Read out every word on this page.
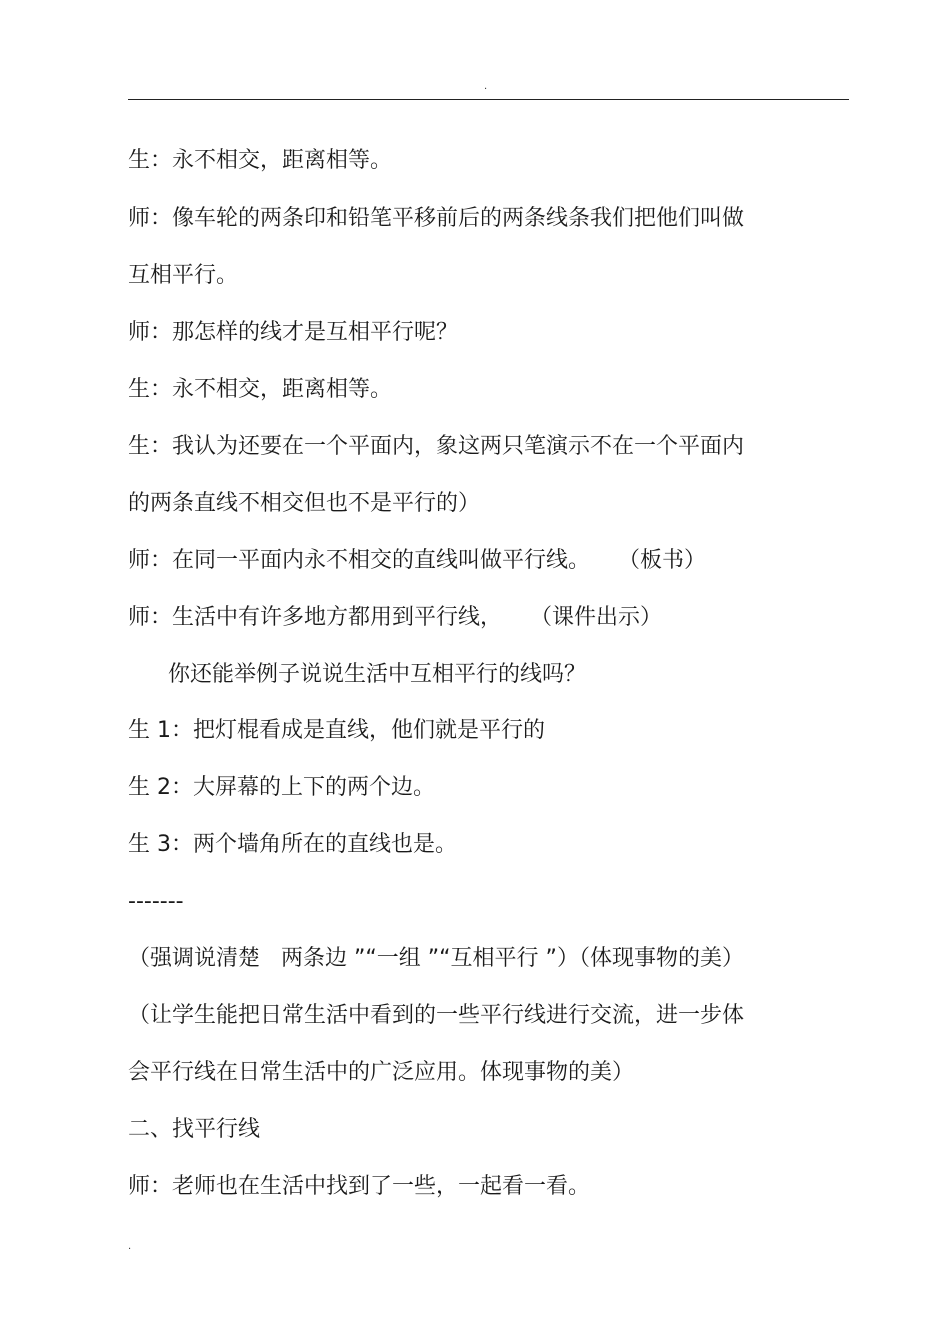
.
生：永不相交，距离相等。
师：像车轮的两条印和铅笔平移前后的两条线条我们把他们叫做
互相平行。
师：那怎样的线才是互相平行呢？
生：永不相交，距离相等。
生：我认为还要在一个平面内，象这两只笔演示不在一个平面内
的两条直线不相交但也不是平行的）
师：在同一平面内永不相交的直线叫做平行线。    （板书）
师：生活中有许多地方都用到平行线，    （课件出示）
你还能举例子说说生活中互相平行的线吗？
生 1：把灯棍看成是直线，他们就是平行的
生 2：大屏幕的上下的两个边。
生 3：两个墙角所在的直线也是。
-------
（强调说清楚   两条边 ”“一组 ”“互相平行 ”）（体现事物的美）
（让学生能把日常生活中看到的一些平行线进行交流，进一步体
会平行线在日常生活中的广泛应用。体现事物的美）
二、找平行线
师：老师也在生活中找到了一些，一起看一看。
.
